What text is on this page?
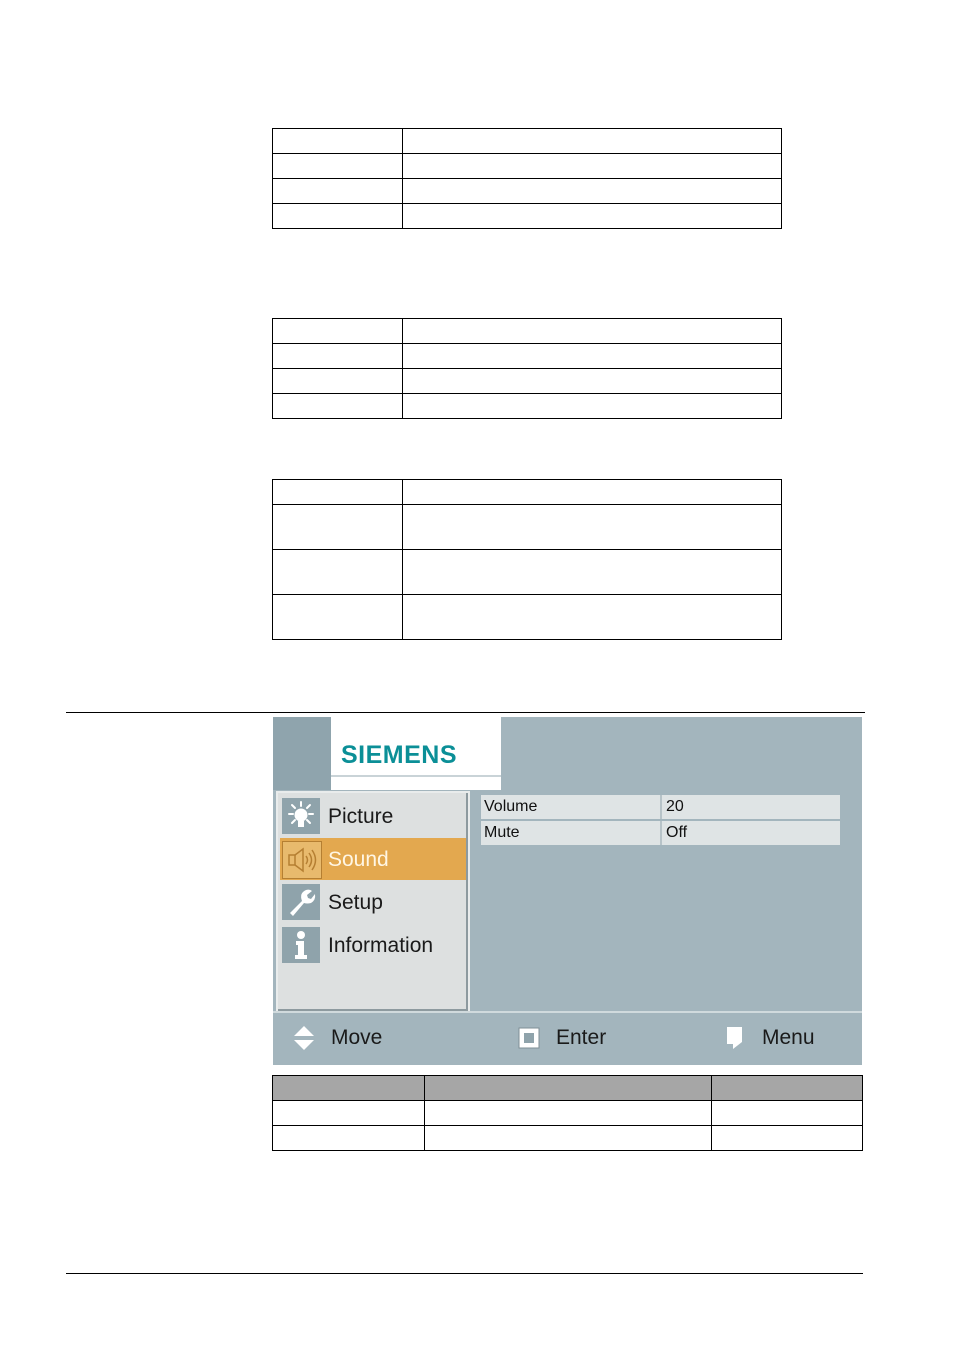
SIEMENS
Picture
Sound
Setup
Information
Volume	20
Mute	Off
Move	Enter	Menu
